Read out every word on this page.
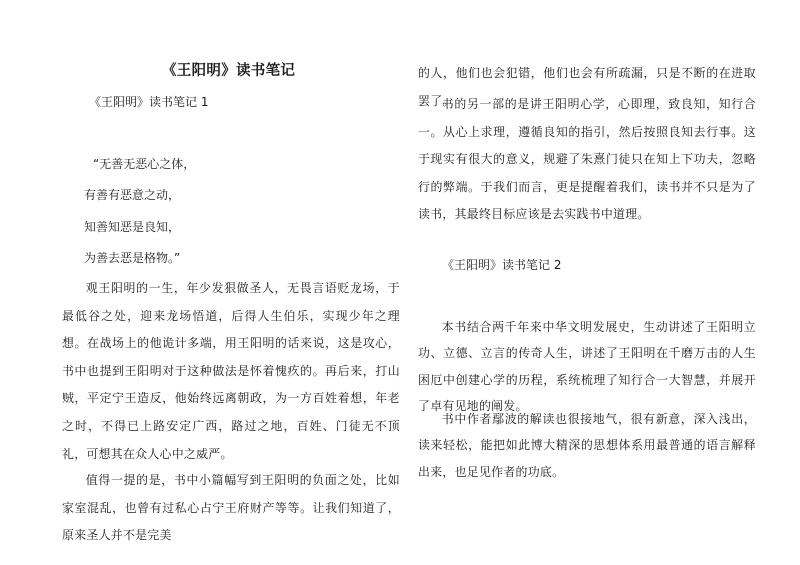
《王阳明》读书笔记
《王阳明》读书笔记 1
“无善无恶心之体，
有善有恶意之动，
知善知恶是良知，
为善去恶是格物。”

观王阳明的一生，年少发狠做圣人，无畏言语贬龙场，于最低谷之处，迎来龙场悟道，后得人生伯乐，实现少年之理想。在战场上的他诡计多端，用王阳明的话来说，这是攻心，书中也提到王阳明对于这种做法是怀着愧疚的。再后来，打山贼，平定宁王造反，他始终远离朝政，为一方百姓着想，年老之时，不得已上路安定广西，路过之地，百姓、门徒无不顶礼，可想其在众人心中之威严。

值得一提的是，书中小篇幅写到王阳明的负面之处，比如家室混乱，也曾有过私心占宁王府财产等等。让我们知道了，原来圣人并不是完美

的人，他们也会犯错，他们也会有所疏漏，只是不断的在进取罢了。

书的另一部的是讲王阳明心学，心即理，致良知，知行合一。从心上求理，遵循良知的指引，然后按照良知去行事。这于现实有很大的意义，规避了朱熹门徒只在知上下功夫，忽略行的弊端。于我们而言，更是提醒着我们，读书并不只是为了读书，其最终目标应该是去实践书中道理。

《王阳明》读书笔记 2

本书结合两千年来中华文明发展史，生动讲述了王阳明立功、立德、立言的传奇人生，讲述了王阳明在千磨万击的人生困厄中创建心学的历程，系统梳理了知行合一大智慧，并展开了卓有见地的阐发。

书中作者鄢波的解读也很接地气，很有新意，深入浅出，读来轻松，能把如此博大精深的思想体系用最普通的语言解释出来，也足见作者的功底。
